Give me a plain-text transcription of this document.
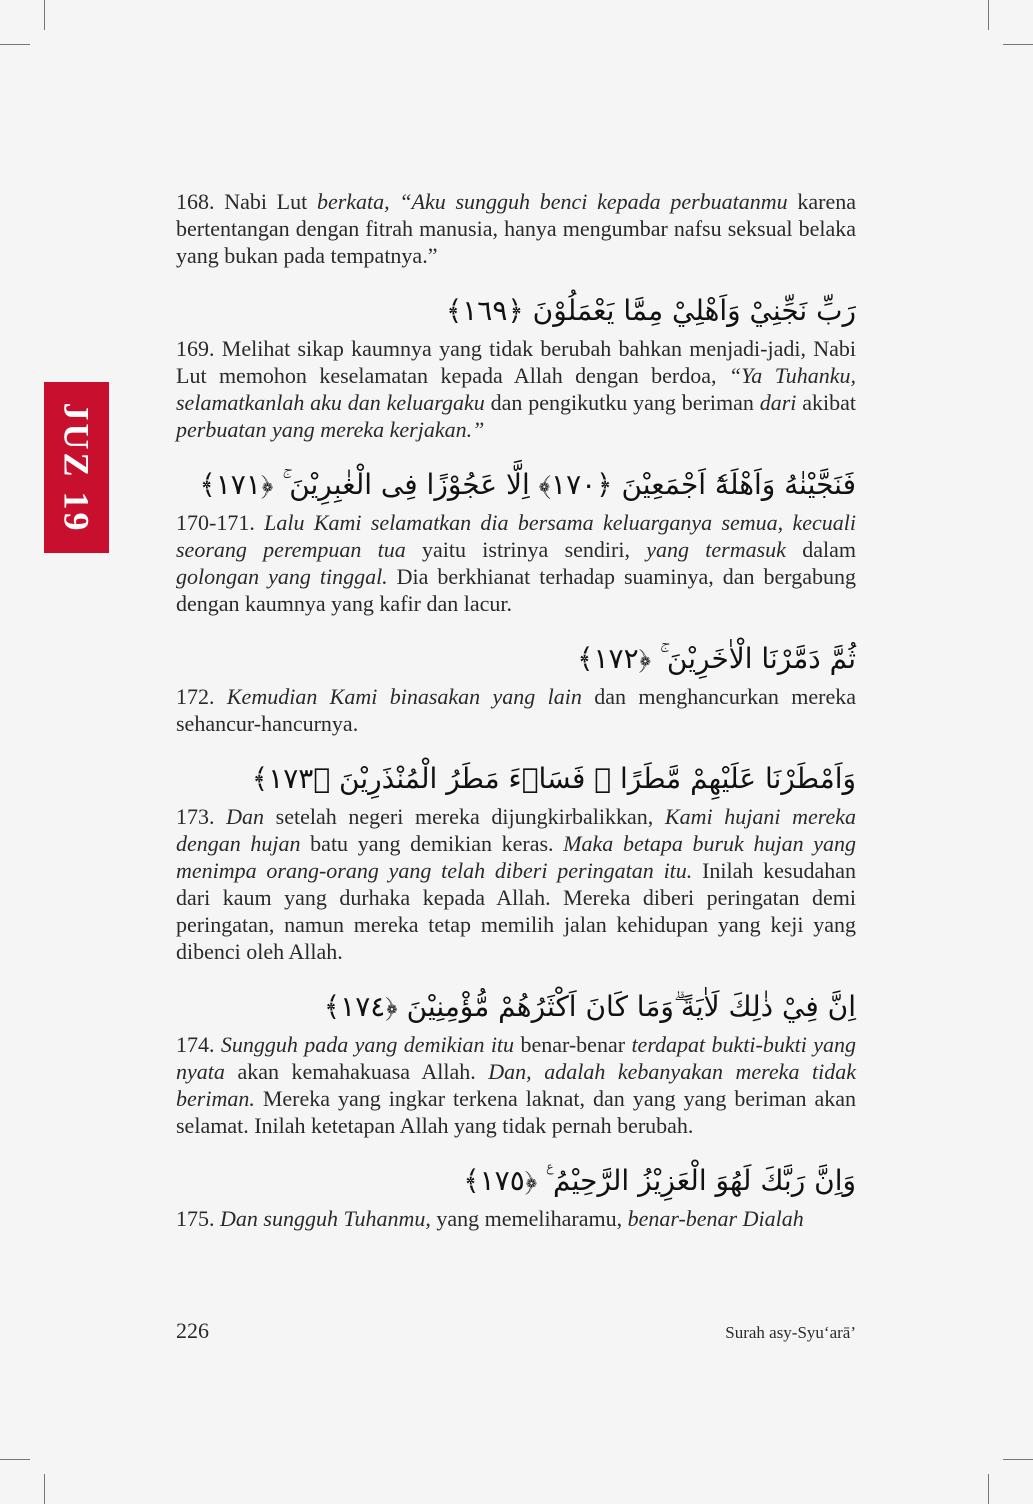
JUZ 19

168. Nabi Lut berkata, “Aku sungguh benci kepada perbuatanmu karena bertentangan dengan fitrah manusia, hanya mengumbar nafsu seksual belaka yang bukan pada tempatnya.”

رَبِّ نَجِّنِيْ وَاَهْلِيْ مِمَّا يَعْمَلُوْنَ ﴿١٦٩﴾

169. Melihat sikap kaumnya yang tidak berubah bahkan menjadi-jadi, Nabi Lut memohon keselamatan kepada Allah dengan berdoa, “Ya Tuhanku, selamatkanlah aku dan keluargaku dan pengikutku yang beriman dari akibat perbuatan yang mereka kerjakan.”

فَنَجَّيْنٰهُ وَاَهْلَهٗٓ اَجْمَعِيْنَ ﴿١٧٠﴾ اِلَّا عَجُوْزًا فِى الْغٰبِرِيْنَ ۚ ﴿١٧١﴾

170-171. Lalu Kami selamatkan dia bersama keluarganya semua, kecuali seorang perempuan tua yaitu istrinya sendiri, yang termasuk dalam golongan yang tinggal. Dia berkhianat terhadap suaminya, dan bergabung dengan kaumnya yang kafir dan lacur.

ثُمَّ دَمَّرْنَا الْاٰخَرِيْنَ ۚ ﴿١٧٢﴾

172. Kemudian Kami binasakan yang lain dan menghancurkan mereka sehancur-hancurnya.

وَاَمْطَرْنَا عَلَيْهِمْ مَّطَرًا ۚ فَسَاۤءَ مَطَرُ الْمُنْذَرِيْنَ ﴿١٧٣﴾

173. Dan setelah negeri mereka dijungkirbalikkan, Kami hujani mereka dengan hujan batu yang demikian keras. Maka betapa buruk hujan yang menimpa orang-orang yang telah diberi peringatan itu. Inilah kesudahan dari kaum yang durhaka kepada Allah. Mereka diberi peringatan demi peringatan, namun mereka tetap memilih jalan kehidupan yang keji yang dibenci oleh Allah.

اِنَّ فِيْ ذٰلِكَ لَاٰيَةً ۗوَمَا كَانَ اَكْثَرُهُمْ مُّؤْمِنِيْنَ ﴿١٧٤﴾

174. Sungguh pada yang demikian itu benar-benar terdapat bukti-bukti yang nyata akan kemahakuasa Allah. Dan, adalah kebanyakan mereka tidak beriman. Mereka yang ingkar terkena laknat, dan yang yang beriman akan selamat. Inilah ketetapan Allah yang tidak pernah berubah.

وَاِنَّ رَبَّكَ لَهُوَ الْعَزِيْزُ الرَّحِيْمُ ࣖ ﴿١٧٥﴾

175. Dan sungguh Tuhanmu, yang memeliharamu, benar-benar Dialah

226	Surah asy-Syu‘arā’
